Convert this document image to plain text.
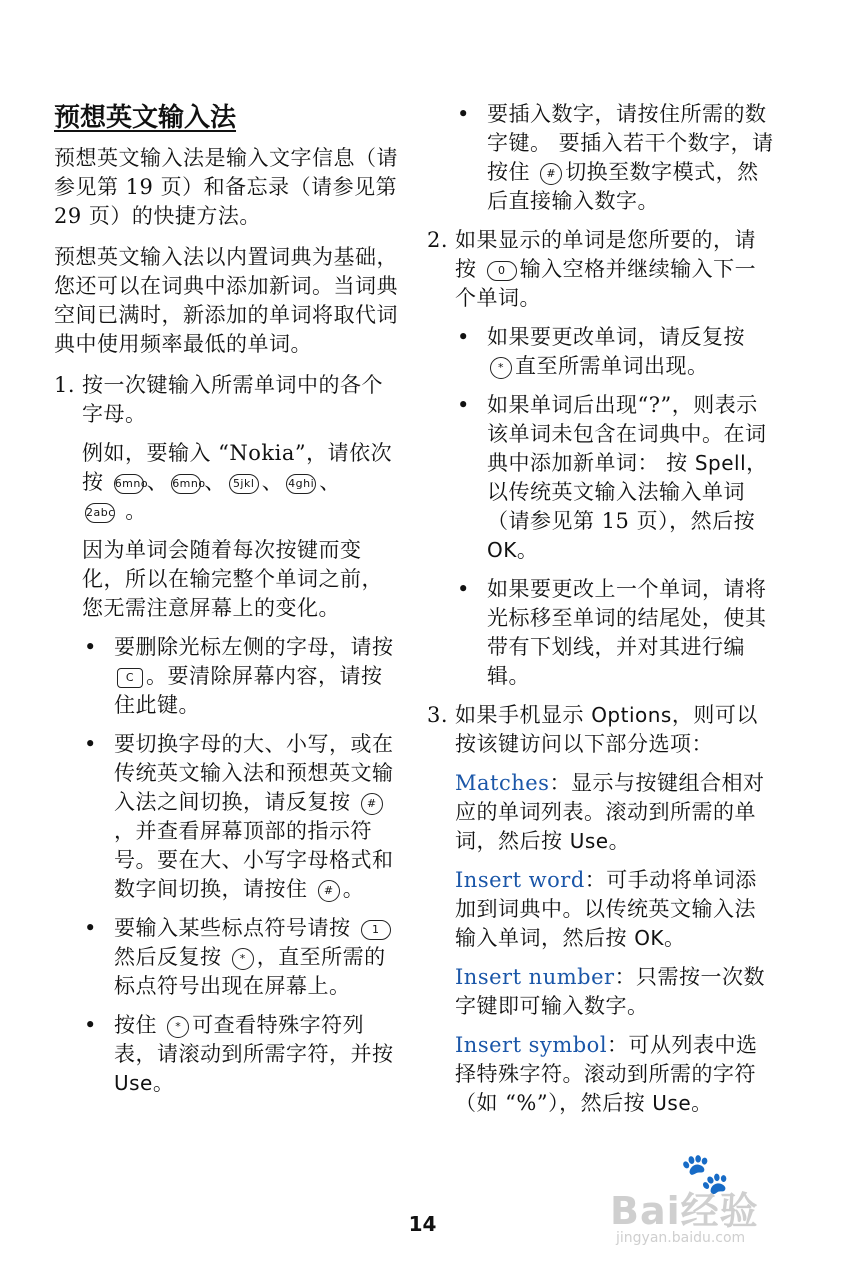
预想英文输入法

预想英文输入法是输入文字信息（请参见第 19 页）和备忘录（请参见第 29 页）的快捷方法。

预想英文输入法以内置词典为基础，您还可以在词典中添加新词。当词典空间已满时，新添加的单词将取代词典中使用频率最低的单词。

1. 按一次键输入所需单词中的各个字母。

例如，要输入 “Nokia”，请依次 按 6mno、 6mno、 5jkl 、 4ghi 、
2abc 。

因为单词会随着每次按键而变化，所以在输完整个单词之前，您无需注意屏幕上的变化。

• 要删除光标左侧的字母，请按 C 。要清除屏幕内容，请按住此键。

• 要切换字母的大、小写，或在传统英文输入法和预想英文输入法之间切换，请反复按 #，并查看屏幕顶部的指示符号。要在大、小写字母格式和数字间切换，请按住 # 。

• 要输入某些标点符号请按 1然后反复按 * ，直至所需的标点符号出现在屏幕上。

• 按住 * 可查看特殊字符列表，请滚动到所需字符，并按 Use。

• 要插入数字，请按住所需的数字键。 要插入若干个数字，请按住 # 切换至数字模式，然后直接输入数字。

2. 如果显示的单词是您所要的，请按 0 输入空格并继续输入下一个单词。

• 如果要更改单词，请反复按 * 直至所需单词出现。

• 如果单词后出现“?”，则表示该单词未包含在词典中。在词典中添加新单词： 按 Spell，以传统英文输入法输入单词（请参见第 15 页），然后按 OK。

• 如果要更改上一个单词，请将光标移至单词的结尾处，使其带有下划线，并对其进行编辑。

3. 如果手机显示 Options，则可以按该键访问以下部分选项：

Matches：显示与按键组合相对应的单词列表。滚动到所需的单词，然后按 Use。

Insert word：可手动将单词添加到词典中。以传统英文输入法输入单词，然后按 OK。

Insert number：只需按一次数字键即可输入数字。

Insert symbol：可从列表中选择特殊字符。滚动到所需的字符（如 “%”），然后按 Use。

14
🐾
Bai经验
jingyan.baidu.com
